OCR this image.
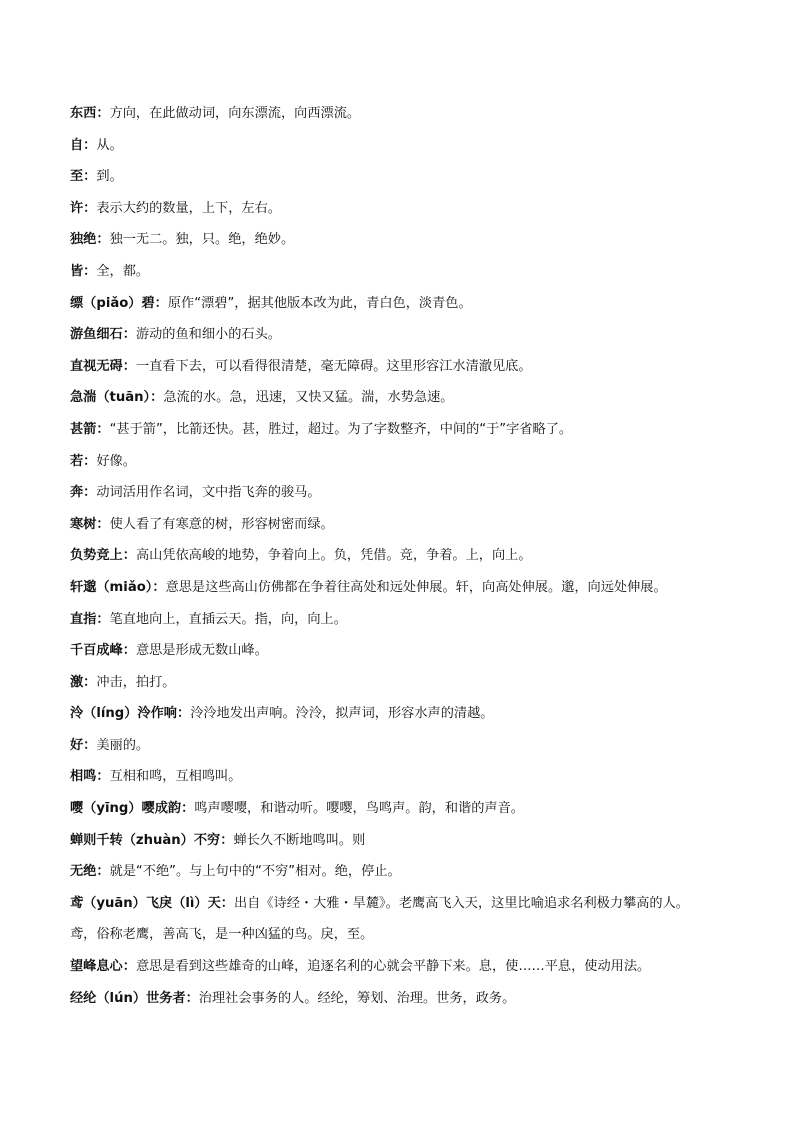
东西：方向，在此做动词，向东漂流，向西漂流。
自：从。
至：到。
许：表示大约的数量，上下，左右。
独绝：独一无二。独，只。绝，绝妙。
皆：全，都。
缥（piǎo）碧：原作“漂碧”，据其他版本改为此，青白色，淡青色。
游鱼细石：游动的鱼和细小的石头。
直视无碍：一直看下去，可以看得很清楚，毫无障碍。这里形容江水清澈见底。
急湍（tuān）：急流的水。急，迅速，又快又猛。湍，水势急速。
甚箭：“甚于箭”，比箭还快。甚，胜过，超过。为了字数整齐，中间的“于”字省略了。
若：好像。
奔：动词活用作名词，文中指飞奔的骏马。
寒树：使人看了有寒意的树，形容树密而绿。
负势竞上：高山凭依高峻的地势，争着向上。负，凭借。竞，争着。上，向上。
轩邈（miǎo）：意思是这些高山仿佛都在争着往高处和远处伸展。轩，向高处伸展。邈，向远处伸展。
直指：笔直地向上，直插云天。指，向，向上。
千百成峰：意思是形成无数山峰。
激：冲击，拍打。
泠（líng）泠作响：泠泠地发出声响。泠泠，拟声词，形容水声的清越。
好：美丽的。
相鸣：互相和鸣，互相鸣叫。
嘤（yīng）嘤成韵：鸣声嘤嘤，和谐动听。嘤嘤，鸟鸣声。韵，和谐的声音。
蝉则千转（zhuàn）不穷：蝉长久不断地鸣叫。则
无绝：就是“不绝”。与上句中的“不穷”相对。绝，停止。
鸢（yuān）飞戾（lì）天：出自《诗经・大雅・旱麓》。老鹰高飞入天，这里比喻追求名利极力攀高的人。
鸢，俗称老鹰，善高飞，是一种凶猛的鸟。戾，至。
望峰息心：意思是看到这些雄奇的山峰，追逐名利的心就会平静下来。息，使……平息，使动用法。
经纶（lún）世务者：治理社会事务的人。经纶，筹划、治理。世务，政务。
